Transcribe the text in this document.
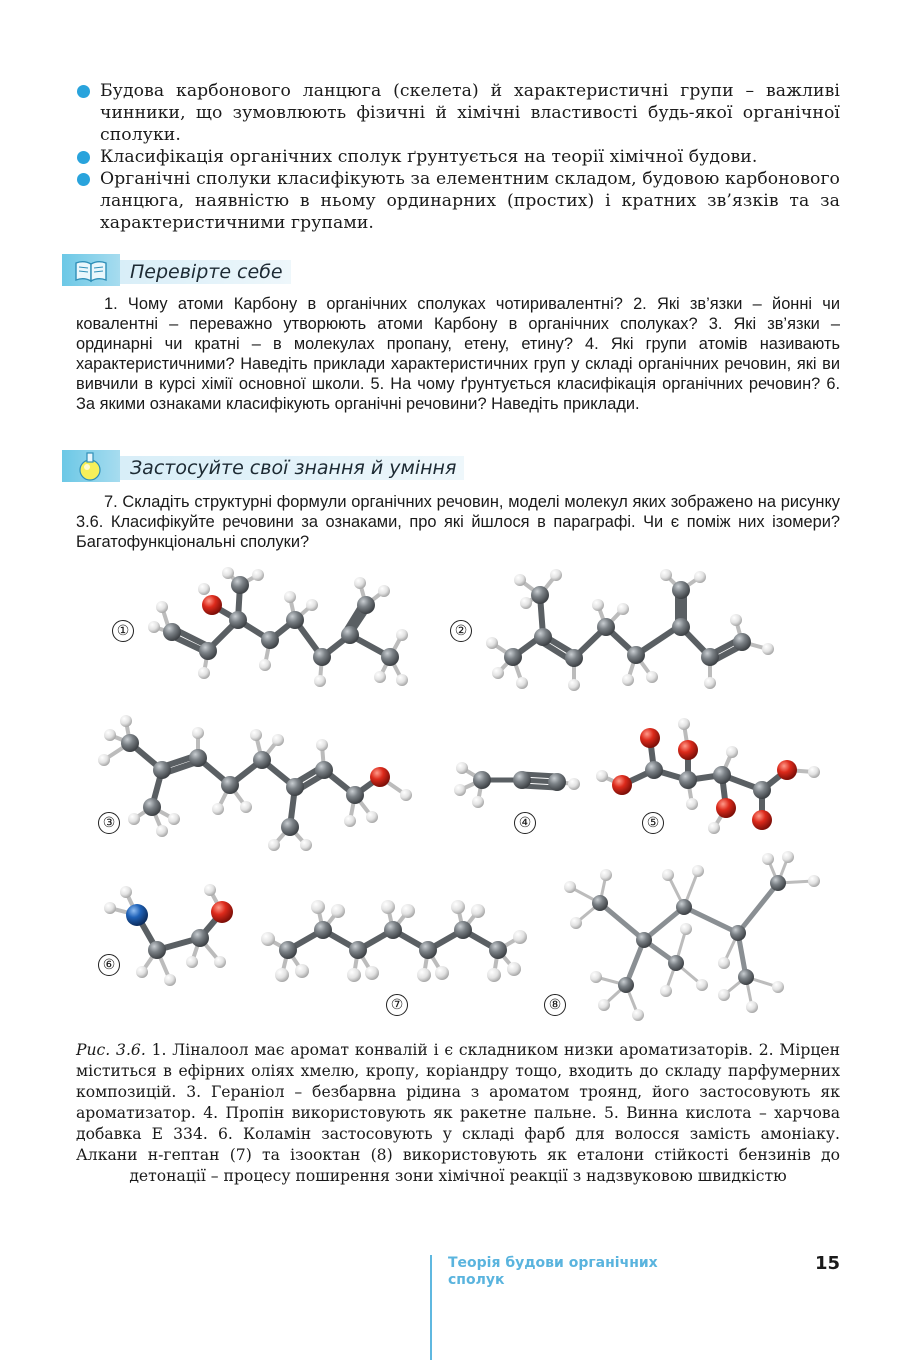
Будова карбонового ланцюга (скелета) й характеристичні групи – важливі чинники, що зумовлюють фізичні й хімічні властивості будь-якої органічної сполуки.
Класифікація органічних сполук ґрунтується на теорії хімічної будови.
Органічні сполуки класифікують за елементним складом, будовою карбонового ланцюга, наявністю в ньому ординарних (простих) і кратних зв’язків та за характеристичними групами.
Перевірте себе
1. Чому атоми Карбону в органічних сполуках чотиривалентні? 2. Які зв’язки – йонні чи ковалентні – переважно утворюють атоми Карбону в органічних сполуках? 3. Які зв’язки – ординарні чи кратні – в молекулах пропану, етену, етину? 4. Які групи атомів називають характеристичними? Наведіть приклади характеристичних груп у складі органічних речовин, які ви вивчили в курсі хімії основної школи. 5. На чому ґрунтується класифікація органічних речовин? 6. За якими ознаками класифікують органічні речовини? Наведіть приклади.
Застосуйте свої знання й уміння
7. Складіть структурні формули органічних речовин, моделі молекул яких зображено на рисунку 3.6. Класифікуйте речовини за ознаками, про які йшлося в параграфі. Чи є поміж них ізомери? Багатофункціональні сполуки?
①	②
③	④	⑤
⑥
⑦	⑧
Рис. 3.6. 1. Ліналоол має аромат конвалій і є складником низки ароматизаторів. 2. Мірцен міститься в ефірних оліях хмелю, кропу, коріандру тощо, входить до складу парфумерних композицій. 3. Гераніол – безбарвна рідина з ароматом троянд, його застосовують як ароматизатор. 4. Пропін використовують як ракетне пальне. 5. Винна кислота – харчова добавка E 334. 6. Коламін застосовують у складі фарб для волосся замість амоніаку. Алкани н-гептан (7) та ізооктан (8) використовують як еталони стійкості бензинів до детонації – процесу поширення зони хімічної реакції з надзвуковою швидкістю
Теорія будови органічних сполук
15
